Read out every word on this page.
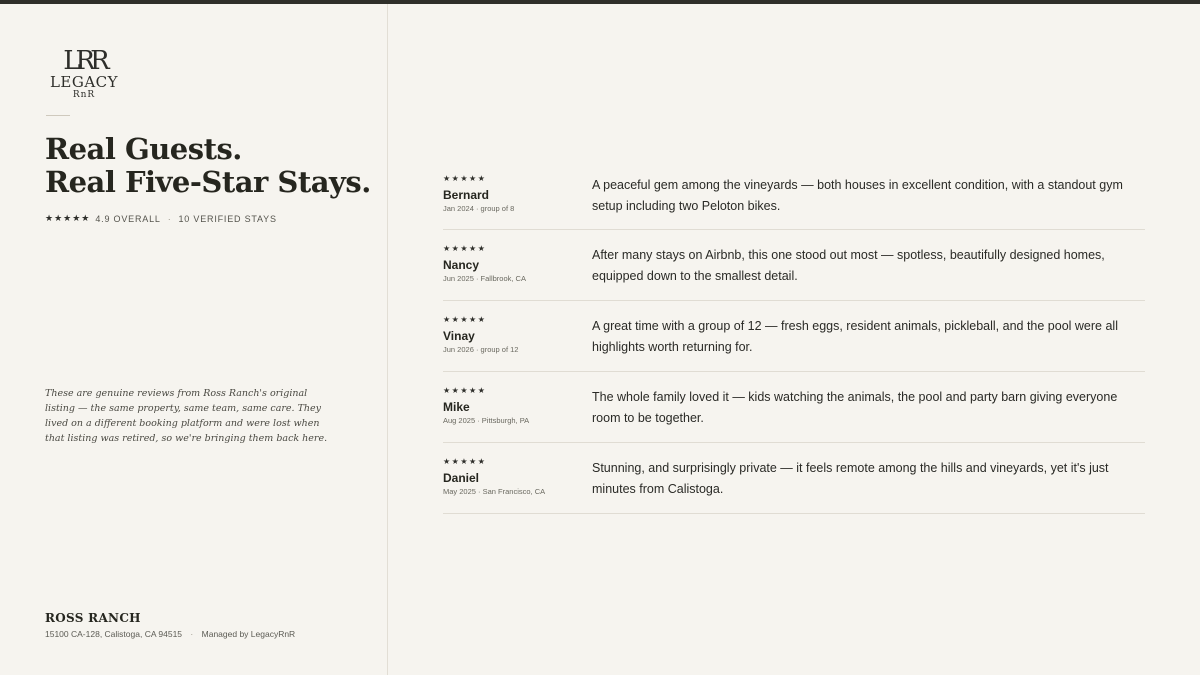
LRR
LEGACY
RnR
Real Guests.
Real Five-Star Stays.
★★★★★ 4.9 OVERALL · 10 VERIFIED STAYS

These are genuine reviews from Ross Ranch's original listing — the same property, same team, same care. They lived on a different booking platform and were lost when that listing was retired, so we're bringing them back here.

ROSS RANCH
15100 CA-128, Calistoga, CA 94515 · Managed by LegacyRnR
★★★★★
Bernard
Jan 2024 · group of 8
A peaceful gem among the vineyards — both houses in excellent condition, with a standout gym setup including two Peloton bikes.
★★★★★
Nancy
Jun 2025 · Fallbrook, CA
After many stays on Airbnb, this one stood out most — spotless, beautifully designed homes, equipped down to the smallest detail.
★★★★★
Vinay
Jun 2026 · group of 12
A great time with a group of 12 — fresh eggs, resident animals, pickleball, and the pool were all highlights worth returning for.
★★★★★
Mike
Aug 2025 · Pittsburgh, PA
The whole family loved it — kids watching the animals, the pool and party barn giving everyone room to be together.
★★★★★
Daniel
May 2025 · San Francisco, CA
Stunning, and surprisingly private — it feels remote among the hills and vineyards, yet it's just minutes from Calistoga.
